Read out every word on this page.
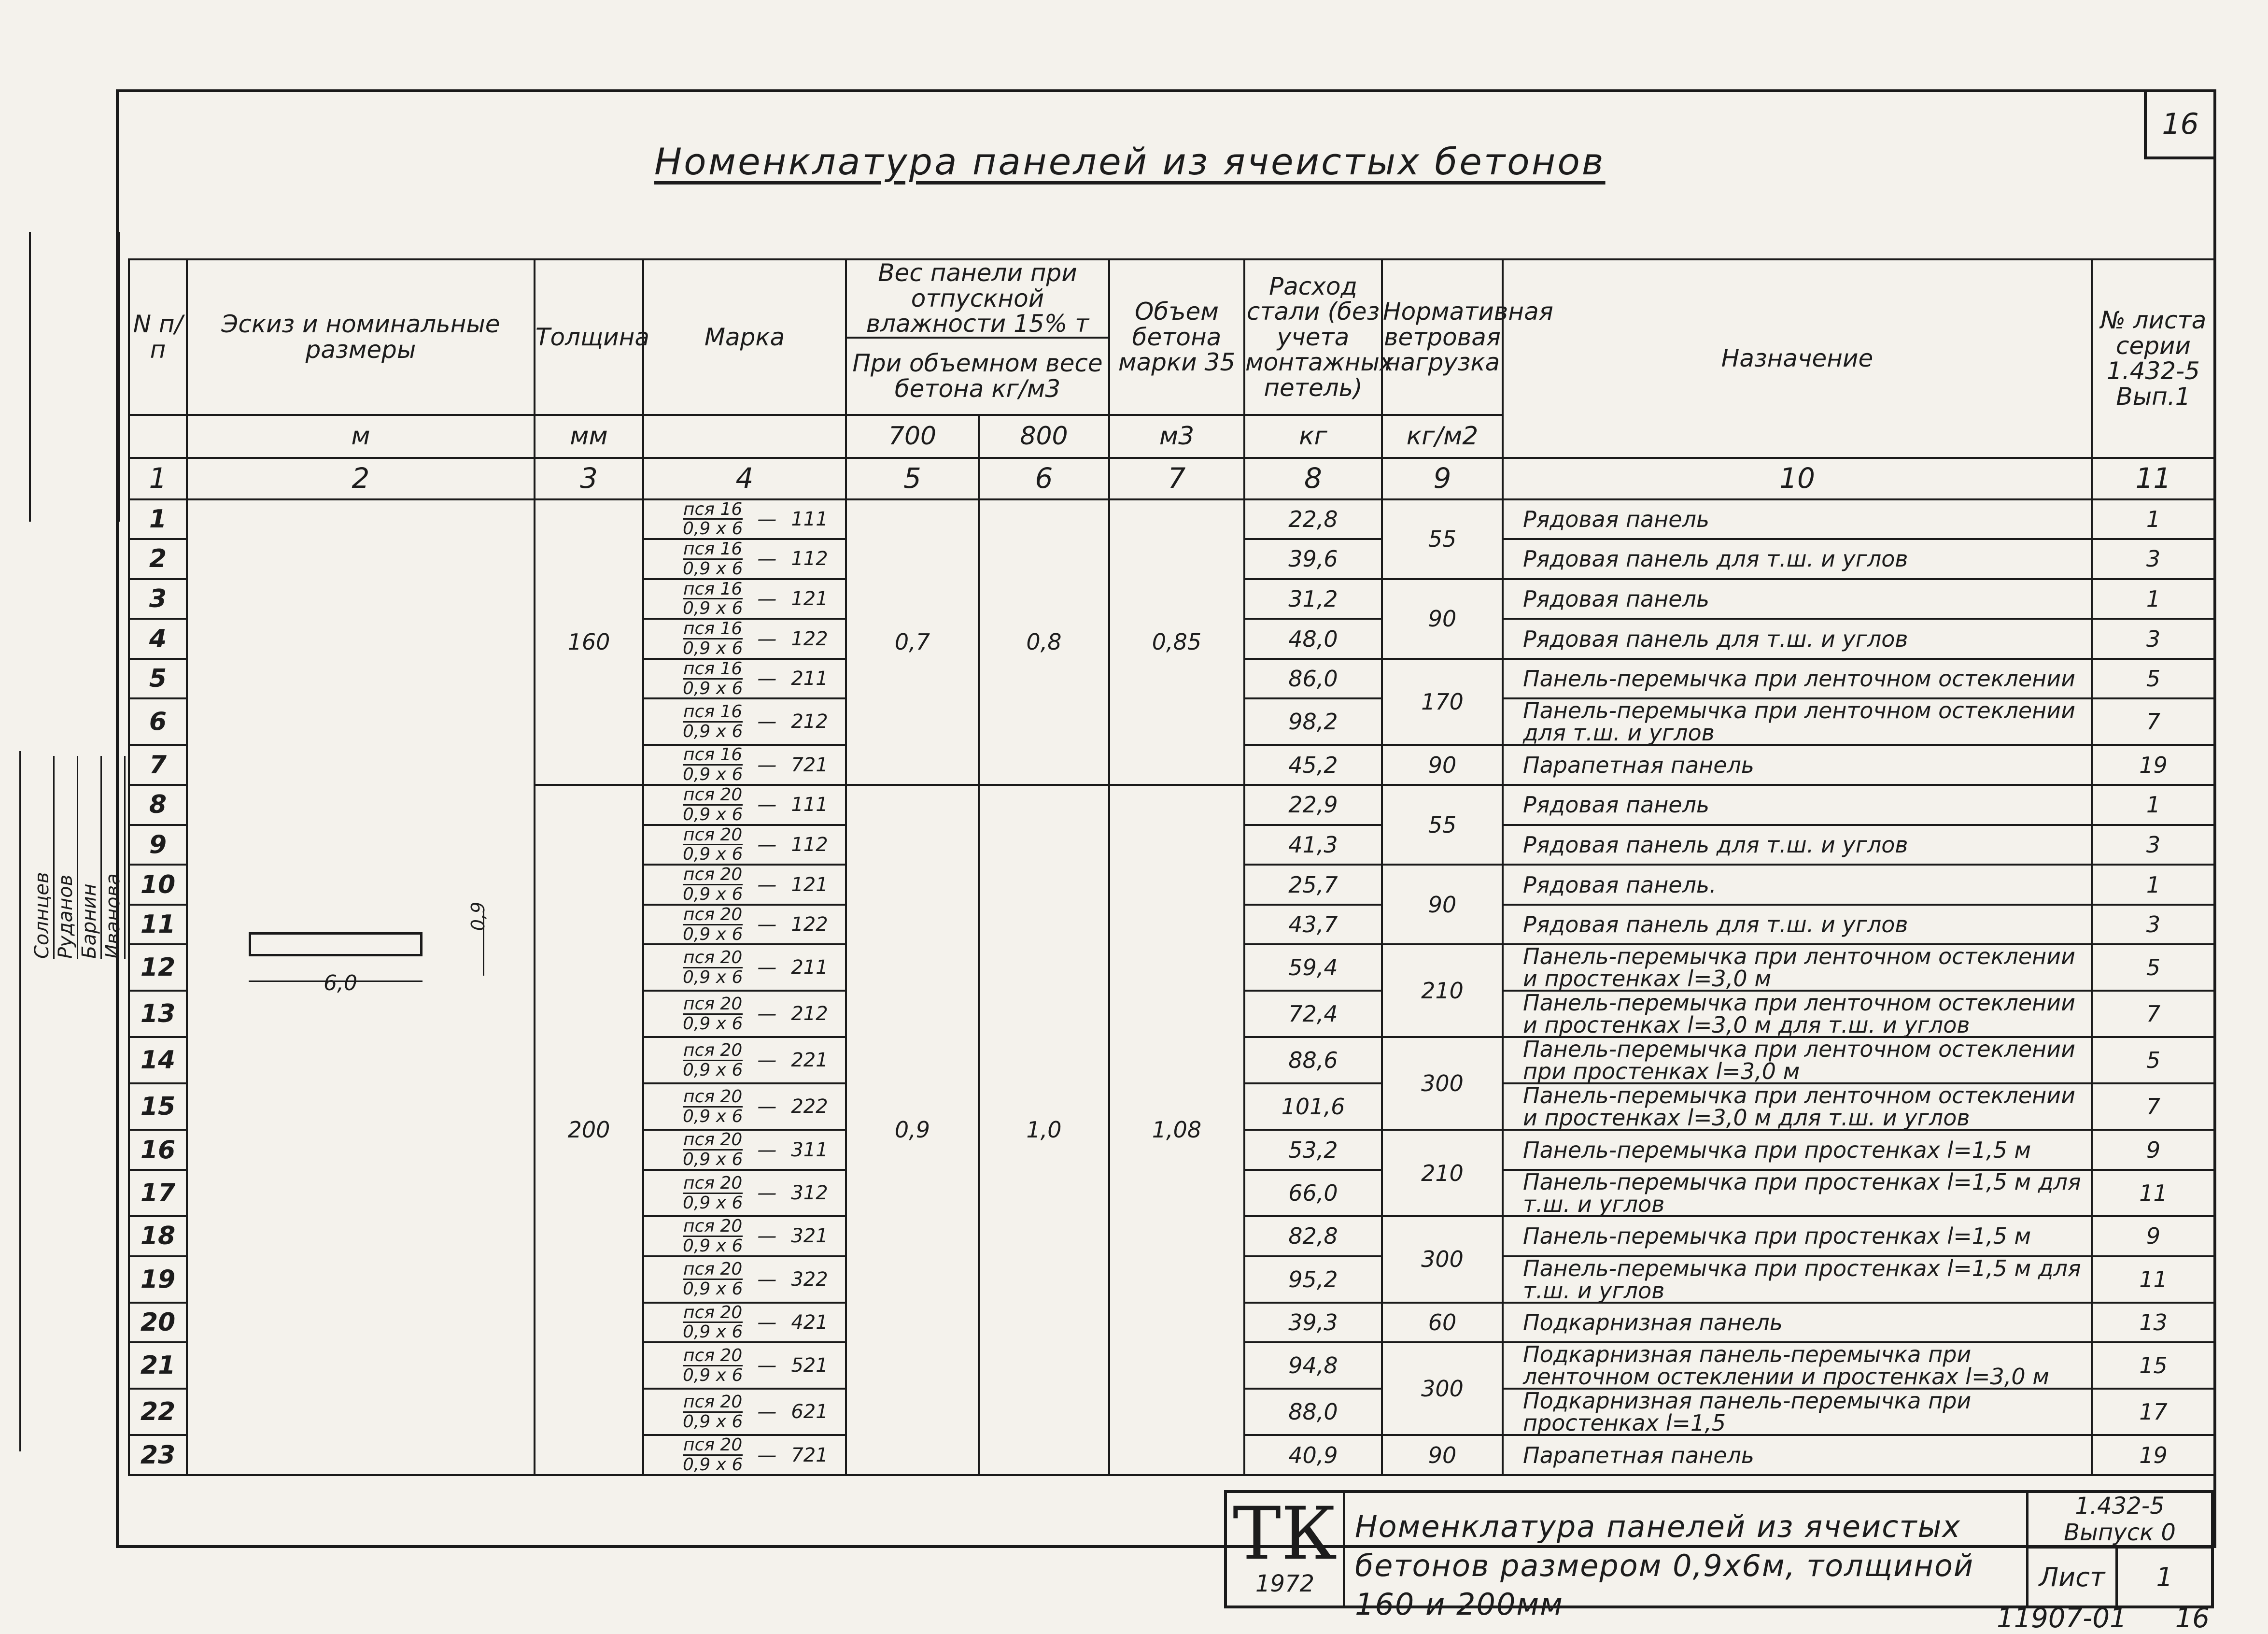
16
Номенклатура панелей из ячеистых бетонов
N п/п	Эскиз и номинальные размеры	Толщина	Марка	Вес панели при отпускной влажности 15% т		Объем бетона марки 35	Расход стали (без учета монтажных петель)	Нормативная ветровая нагрузка	Назначение	№ листа серии 1.432-5 Вып.1
				При объемном весе бетона кг/м3						
	м	мм		700	800	м3	кг	кг/м2		
1	2	3	4	5	6	7	8	9	10	11
1		160	$\frac{\text{пся 16}}{0,9 х 6}$ — 111	0,7	0,8	0,85	22,8	55	Рядовая панель	1
2			$\frac{\text{пся 16}}{0,9 х 6}$ — 112				39,6		Рядовая панель для т.ш. и углов	3
3			$\frac{\text{пся 16}}{0,9 х 6}$ — 121				31,2	90	Рядовая панель	1
4			$\frac{\text{пся 16}}{0,9 х 6}$ — 122				48,0		Рядовая панель для т.ш. и углов	3
5			$\frac{\text{пся 16}}{0,9 х 6}$ — 211				86,0	170	Панель-перемычка при ленточном остеклении	5
6			$\frac{\text{пся 16}}{0,9 х 6}$ — 212				98,2		Панель-перемычка при ленточном остеклении для т.ш. и углов	7
7			$\frac{\text{пся 16}}{0,9 х 6}$ — 721				45,2	90	Парапетная панель	19
8		200	$\frac{\text{пся 20}}{0,9 х 6}$ — 111	0,9	1,0	1,08	22,9	55	Рядовая панель	1
9			$\frac{\text{пся 20}}{0,9 х 6}$ — 112				41,3		Рядовая панель для т.ш. и углов	3
10			$\frac{\text{пся 20}}{0,9 х 6}$ — 121				25,7	90	Рядовая панель.	1
11			$\frac{\text{пся 20}}{0,9 х 6}$ — 122				43,7		Рядовая панель для т.ш. и углов	3
12			$\frac{\text{пся 20}}{0,9 х 6}$ — 211				59,4	210	Панель-перемычка при ленточном остеклении и простенках l=3,0 м	5
13			$\frac{\text{пся 20}}{0,9 х 6}$ — 212				72,4		Панель-перемычка при ленточном остеклении и простенках l=3,0 м для т.ш. и углов	7
14			$\frac{\text{пся 20}}{0,9 х 6}$ — 221				88,6	300	Панель-перемычка при ленточном остеклении при простенках l=3,0 м	5
15			$\frac{\text{пся 20}}{0,9 х 6}$ — 222				101,6		Панель-перемычка при ленточном остеклении и простенках l=3,0 м для т.ш. и углов	7
16			$\frac{\text{пся 20}}{0,9 х 6}$ — 311				53,2	210	Панель-перемычка при простенках l=1,5 м	9
17			$\frac{\text{пся 20}}{0,9 х 6}$ — 312				66,0		Панель-перемычка при простенках l=1,5 м для т.ш. и углов	11
18			$\frac{\text{пся 20}}{0,9 х 6}$ — 321				82,8	300	Панель-перемычка при простенках l=1,5 м	9
19			$\frac{\text{пся 20}}{0,9 х 6}$ — 322				95,2		Панель-перемычка при простенках l=1,5 м для т.ш. и углов	11
20			$\frac{\text{пся 20}}{0,9 х 6}$ — 421				39,3	60	Подкарнизная панель	13
21			$\frac{\text{пся 20}}{0,9 х 6}$ — 521				94,8	300	Подкарнизная панель-перемычка при ленточном остеклении и простенках l=3,0 м	15
22			$\frac{\text{пся 20}}{0,9 х 6}$ — 621				88,0		Подкарнизная панель-перемычка при простенках l=1,5	17
23			$\frac{\text{пся 20}}{0,9 х 6}$ — 721				40,9	90	Парапетная панель	19
6,0
0,9
Солнцев Руданов Барнин Иванова
ТК
1972
Номенклатура панелей из ячеистых бетонов размером 0,9х6м, толщиной 160 и 200мм
1.432-5
Выпуск 0
Лист	1
11907-01 16
